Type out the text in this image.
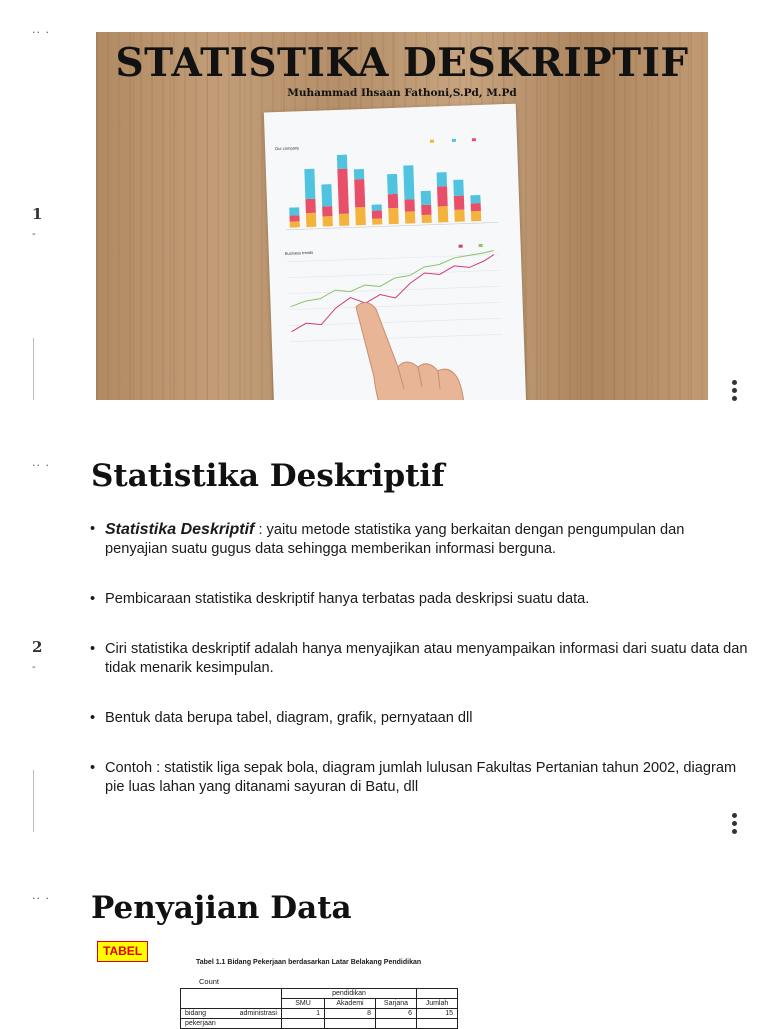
·· ·
1
-
·· ·
2
-
·· ·
STATISTIKA DESKRIPTIF
Muhammad Ihsaan Fathoni,S.Pd, M.Pd
Our company
Business trends
Statistika Deskriptif
• Statistika Deskriptif : yaitu metode statistika yang berkaitan dengan pengumpulan dan penyajian suatu gugus data sehingga memberikan informasi berguna.
• Pembicaraan statistika deskriptif hanya terbatas pada deskripsi suatu data.
• Ciri statistika deskriptif adalah hanya menyajikan atau menyampaikan informasi dari suatu data dan tidak menarik kesimpulan.
• Bentuk data berupa tabel, diagram, grafik, pernyataan dll
• Contoh : statistik liga sepak bola, diagram jumlah lulusan Fakultas Pertanian tahun 2002, diagram pie luas lahan yang ditanami sayuran di Batu, dll
Penyajian Data
TABEL
Tabel 1.1 Bidang Pekerjaan berdasarkan Latar Belakang Pendidikan
Count
		pendidikan			
		SMU	Akademi	Sarjana	Jumlah
bidang	administrasi	1	8	6	15
pekerjaan					
